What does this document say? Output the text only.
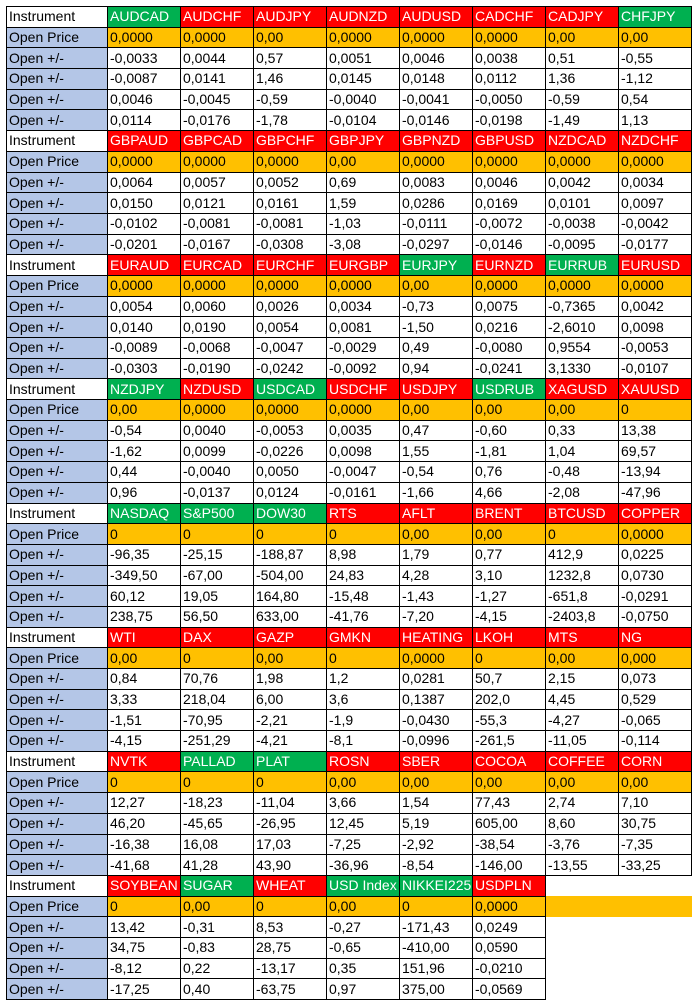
Instrument	AUDCAD	AUDCHF	AUDJPY	AUDNZD	AUDUSD	CADCHF	CADJPY	CHFJPY
Open Price	0,0000	0,0000	0,00	0,0000	0,0000	0,0000	0,00	0,00
Open +/-	-0,0033	0,0044	0,57	0,0051	0,0046	0,0038	0,51	-0,55
Open +/-	-0,0087	0,0141	1,46	0,0145	0,0148	0,0112	1,36	-1,12
Open +/-	0,0046	-0,0045	-0,59	-0,0040	-0,0041	-0,0050	-0,59	0,54
Open +/-	0,0114	-0,0176	-1,78	-0,0104	-0,0146	-0,0198	-1,49	1,13
Instrument	GBPAUD	GBPCAD	GBPCHF	GBPJPY	GBPNZD	GBPUSD	NZDCAD	NZDCHF
Open Price	0,0000	0,0000	0,0000	0,00	0,0000	0,0000	0,0000	0,0000
Open +/-	0,0064	0,0057	0,0052	0,69	0,0083	0,0046	0,0042	0,0034
Open +/-	0,0150	0,0121	0,0161	1,59	0,0286	0,0169	0,0101	0,0097
Open +/-	-0,0102	-0,0081	-0,0081	-1,03	-0,0111	-0,0072	-0,0038	-0,0042
Open +/-	-0,0201	-0,0167	-0,0308	-3,08	-0,0297	-0,0146	-0,0095	-0,0177
Instrument	EURAUD	EURCAD	EURCHF	EURGBP	EURJPY	EURNZD	EURRUB	EURUSD
Open Price	0,0000	0,0000	0,0000	0,0000	0,00	0,0000	0,0000	0,0000
Open +/-	0,0054	0,0060	0,0026	0,0034	-0,73	0,0075	-0,7365	0,0042
Open +/-	0,0140	0,0190	0,0054	0,0081	-1,50	0,0216	-2,6010	0,0098
Open +/-	-0,0089	-0,0068	-0,0047	-0,0029	0,49	-0,0080	0,9554	-0,0053
Open +/-	-0,0303	-0,0190	-0,0242	-0,0092	0,94	-0,0241	3,1330	-0,0107
Instrument	NZDJPY	NZDUSD	USDCAD	USDCHF	USDJPY	USDRUB	XAGUSD	XAUUSD
Open Price	0,00	0,0000	0,0000	0,0000	0,00	0,00	0,00	0
Open +/-	-0,54	0,0040	-0,0053	0,0035	0,47	-0,60	0,33	13,38
Open +/-	-1,62	0,0099	-0,0226	0,0098	1,55	-1,81	1,04	69,57
Open +/-	0,44	-0,0040	0,0050	-0,0047	-0,54	0,76	-0,48	-13,94
Open +/-	0,96	-0,0137	0,0124	-0,0161	-1,66	4,66	-2,08	-47,96
Instrument	NASDAQ	S&P500	DOW30	RTS	AFLT	BRENT	BTCUSD	COPPER
Open Price	0	0	0	0	0,00	0,00	0	0,0000
Open +/-	-96,35	-25,15	-188,87	8,98	1,79	0,77	412,9	0,0225
Open +/-	-349,50	-67,00	-504,00	24,83	4,28	3,10	1232,8	0,0730
Open +/-	60,12	19,05	164,80	-15,48	-1,43	-1,27	-651,8	-0,0291
Open +/-	238,75	56,50	633,00	-41,76	-7,20	-4,15	-2403,8	-0,0750
Instrument	WTI	DAX	GAZP	GMKN	HEATING	LKOH	MTS	NG
Open Price	0,00	0	0,00	0	0,0000	0	0,00	0,000
Open +/-	0,84	70,76	1,98	1,2	0,0281	50,7	2,15	0,073
Open +/-	3,33	218,04	6,00	3,6	0,1387	202,0	4,45	0,529
Open +/-	-1,51	-70,95	-2,21	-1,9	-0,0430	-55,3	-4,27	-0,065
Open +/-	-4,15	-251,29	-4,21	-8,1	-0,0996	-261,5	-11,05	-0,114
Instrument	NVTK	PALLAD	PLAT	ROSN	SBER	COCOA	COFFEE	CORN
Open Price	0	0	0	0,00	0,00	0,00	0,00	0,00
Open +/-	12,27	-18,23	-11,04	3,66	1,54	77,43	2,74	7,10
Open +/-	46,20	-45,65	-26,95	12,45	5,19	605,00	8,60	30,75
Open +/-	-16,38	16,08	17,03	-7,25	-2,92	-38,54	-3,76	-7,35
Open +/-	-41,68	41,28	43,90	-36,96	-8,54	-146,00	-13,55	-33,25
Instrument	SOYBEAN	SUGAR	WHEAT	USD Index	NIKKEI225	USDPLN		
Open Price	0	0,00	0	0,00	0	0,0000		
Open +/-	13,42	-0,31	8,53	-0,27	-171,43	0,0249		
Open +/-	34,75	-0,83	28,75	-0,65	-410,00	0,0590		
Open +/-	-8,12	0,22	-13,17	0,35	151,96	-0,0210		
Open +/-	-17,25	0,40	-63,75	0,97	375,00	-0,0569		
